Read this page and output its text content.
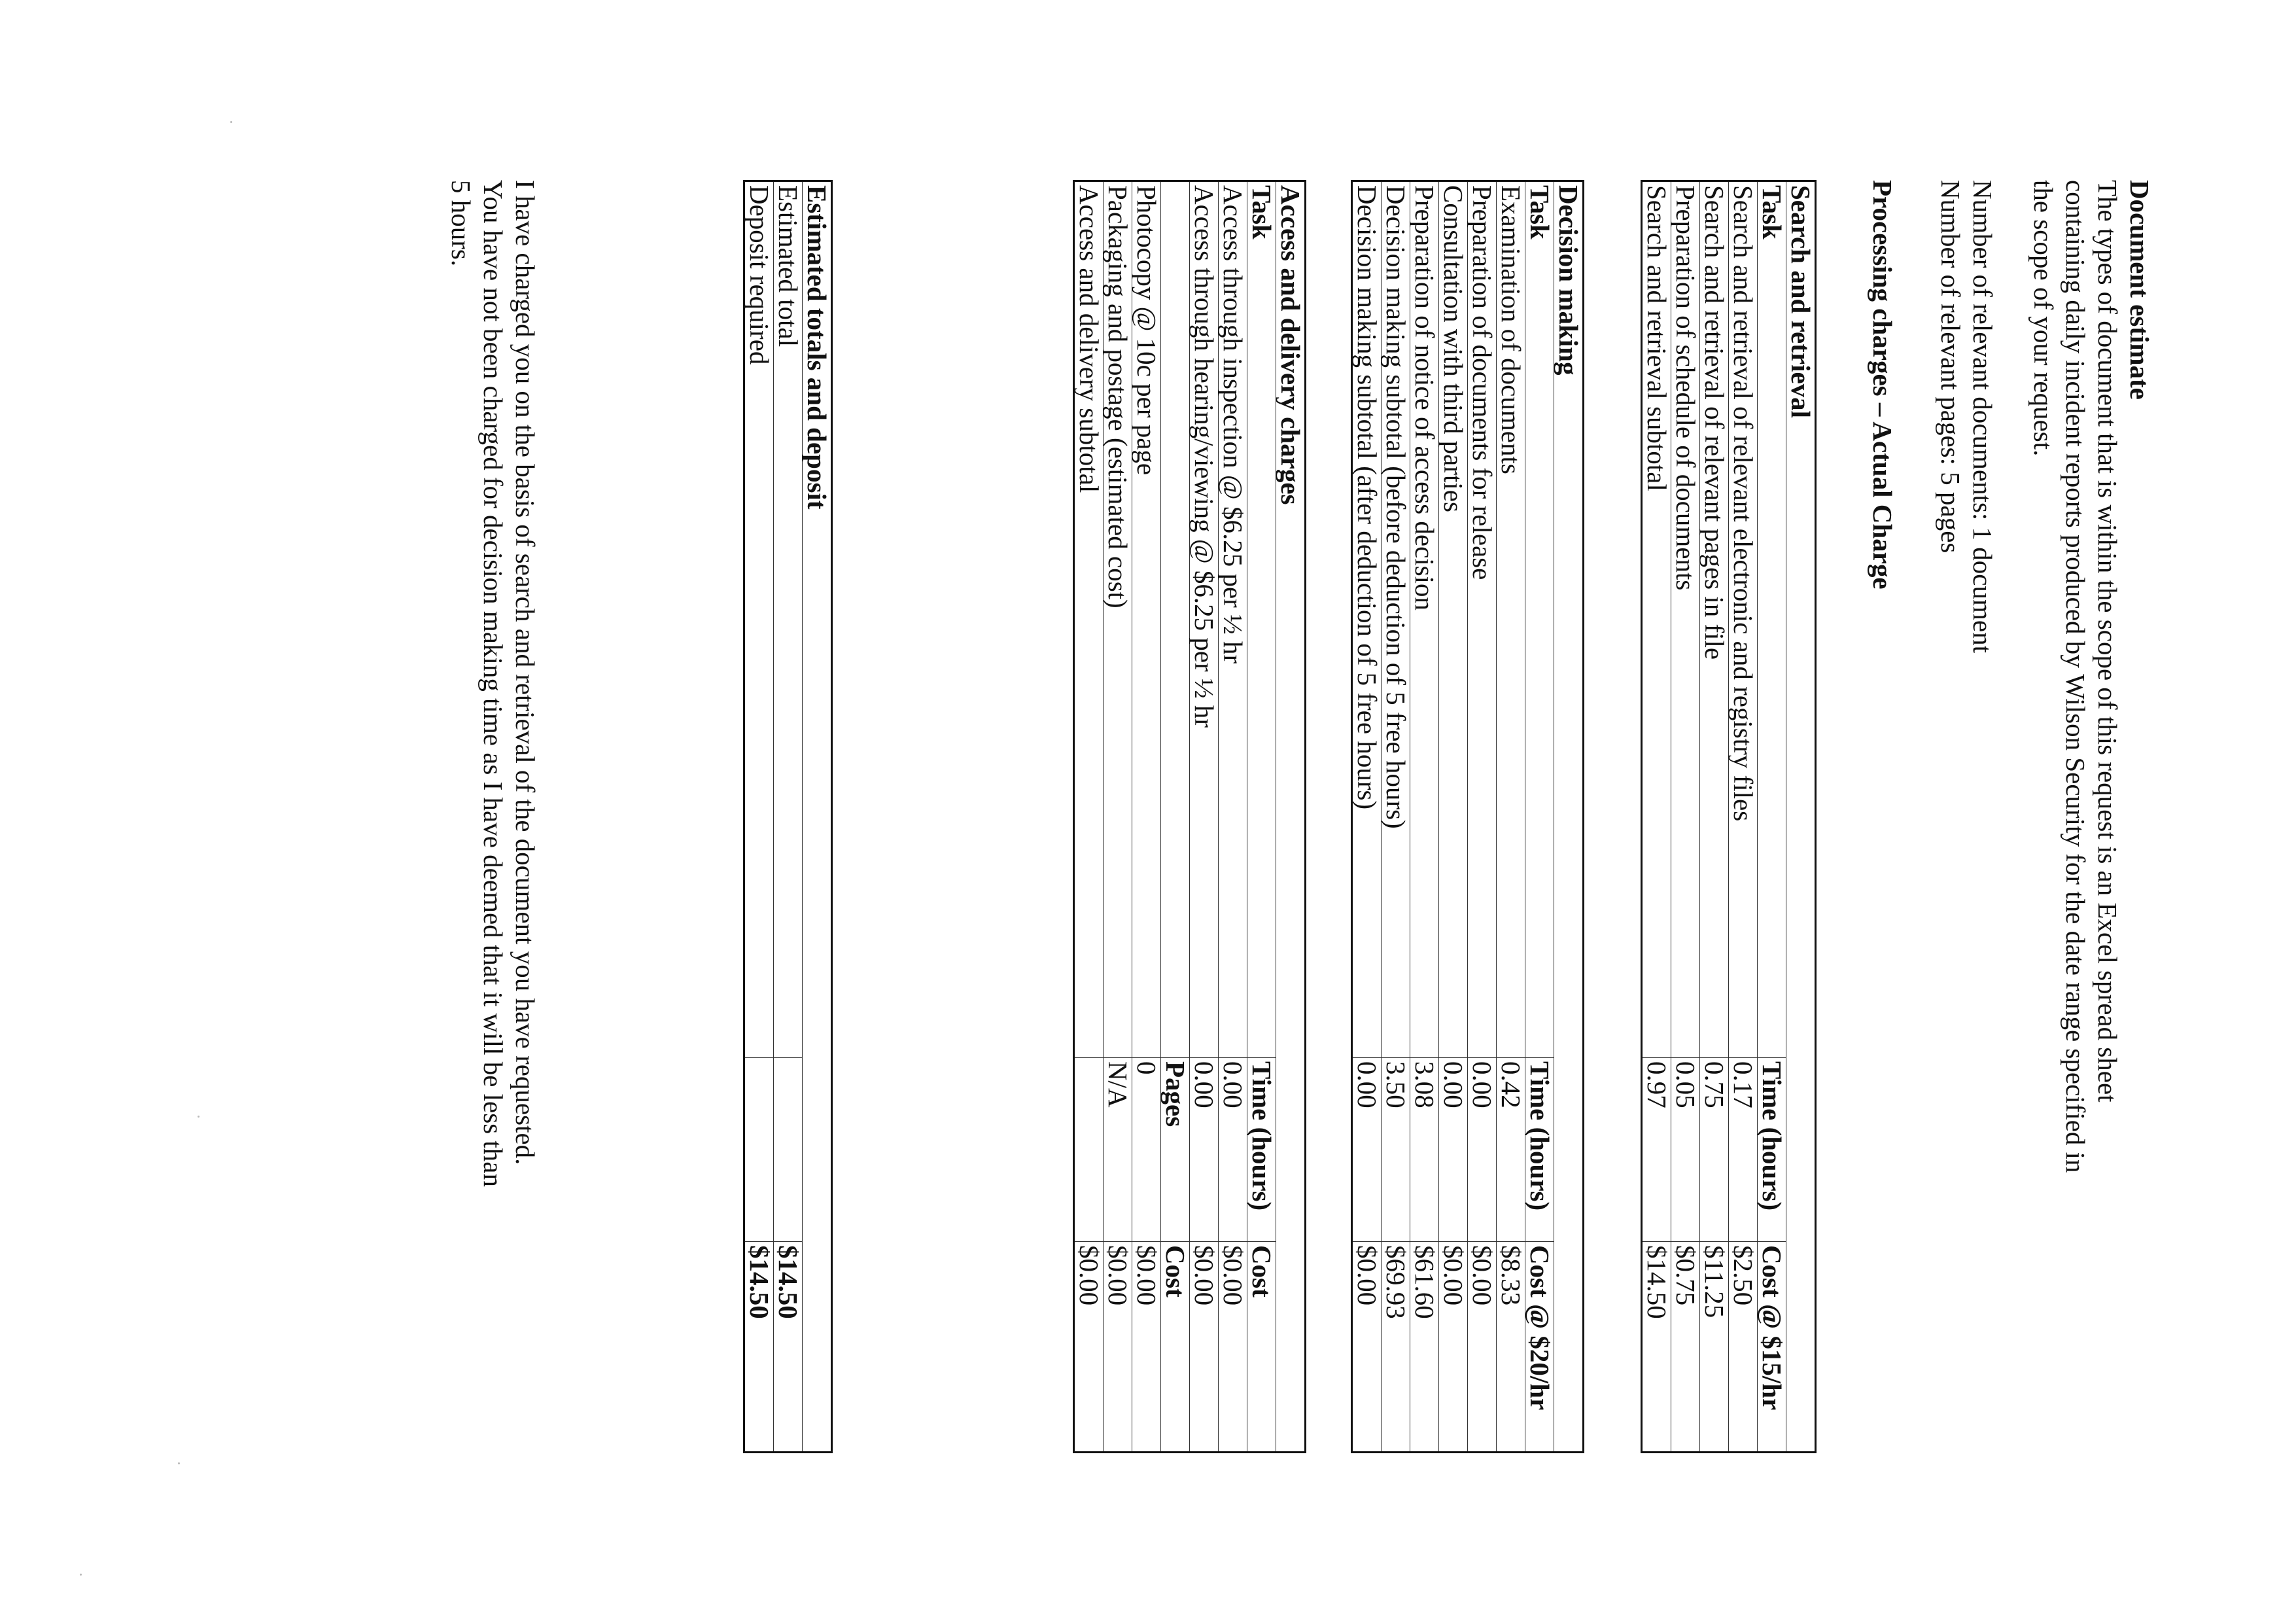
Document estimate

The types of document that is within the scope of this request is an Excel spread sheet

containing daily incident reports produced by Wilson Security for the date range specified in

the scope of your request.

Number of relevant documents: 1 document

Number of relevant pages: 5 pages

Processing charges – Actual Charge

Search and retrieval		
Task	Time (hours)	Cost @ $15/hr
Search and retrieval of relevant electronic and registry files	0.17	$2.50
Search and retrieval of relevant pages in file	0.75	$11.25
Preparation of schedule of documents	0.05	$0.75
Search and retrieval subtotal	0.97	$14.50
Decision making		
Task	Time (hours)	Cost @ $20/hr
Examination of documents	0.42	$8.33
Preparation of documents for release	0.00	$0.00
Consultation with third parties	0.00	$0.00
Preparation of notice of access decision	3.08	$61.60
Decision making subtotal (before deduction of 5 free hours)	3.50	$69.93
Decision making subtotal (after deduction of 5 free hours)	0.00	$0.00
Access and delivery charges		
Task	Time (hours)	Cost
Access through inspection @ $6.25 per ½ hr	0.00	$0.00
Access through hearing/viewing @ $6.25 per ½ hr	0.00	$0.00
	Pages	Cost
Photocopy @ 10c per page	0	$0.00
Packaging and postage (estimated cost)	N/A	$0.00
Access and delivery subtotal		$0.00
Estimated totals and deposit		
Estimated total		$14.50
Deposit required		$14.50

I have charged you on the basis of search and retrieval of the document you have requested.

You have not been charged for decision making time as I have deemed that it will be less than

5 hours.
